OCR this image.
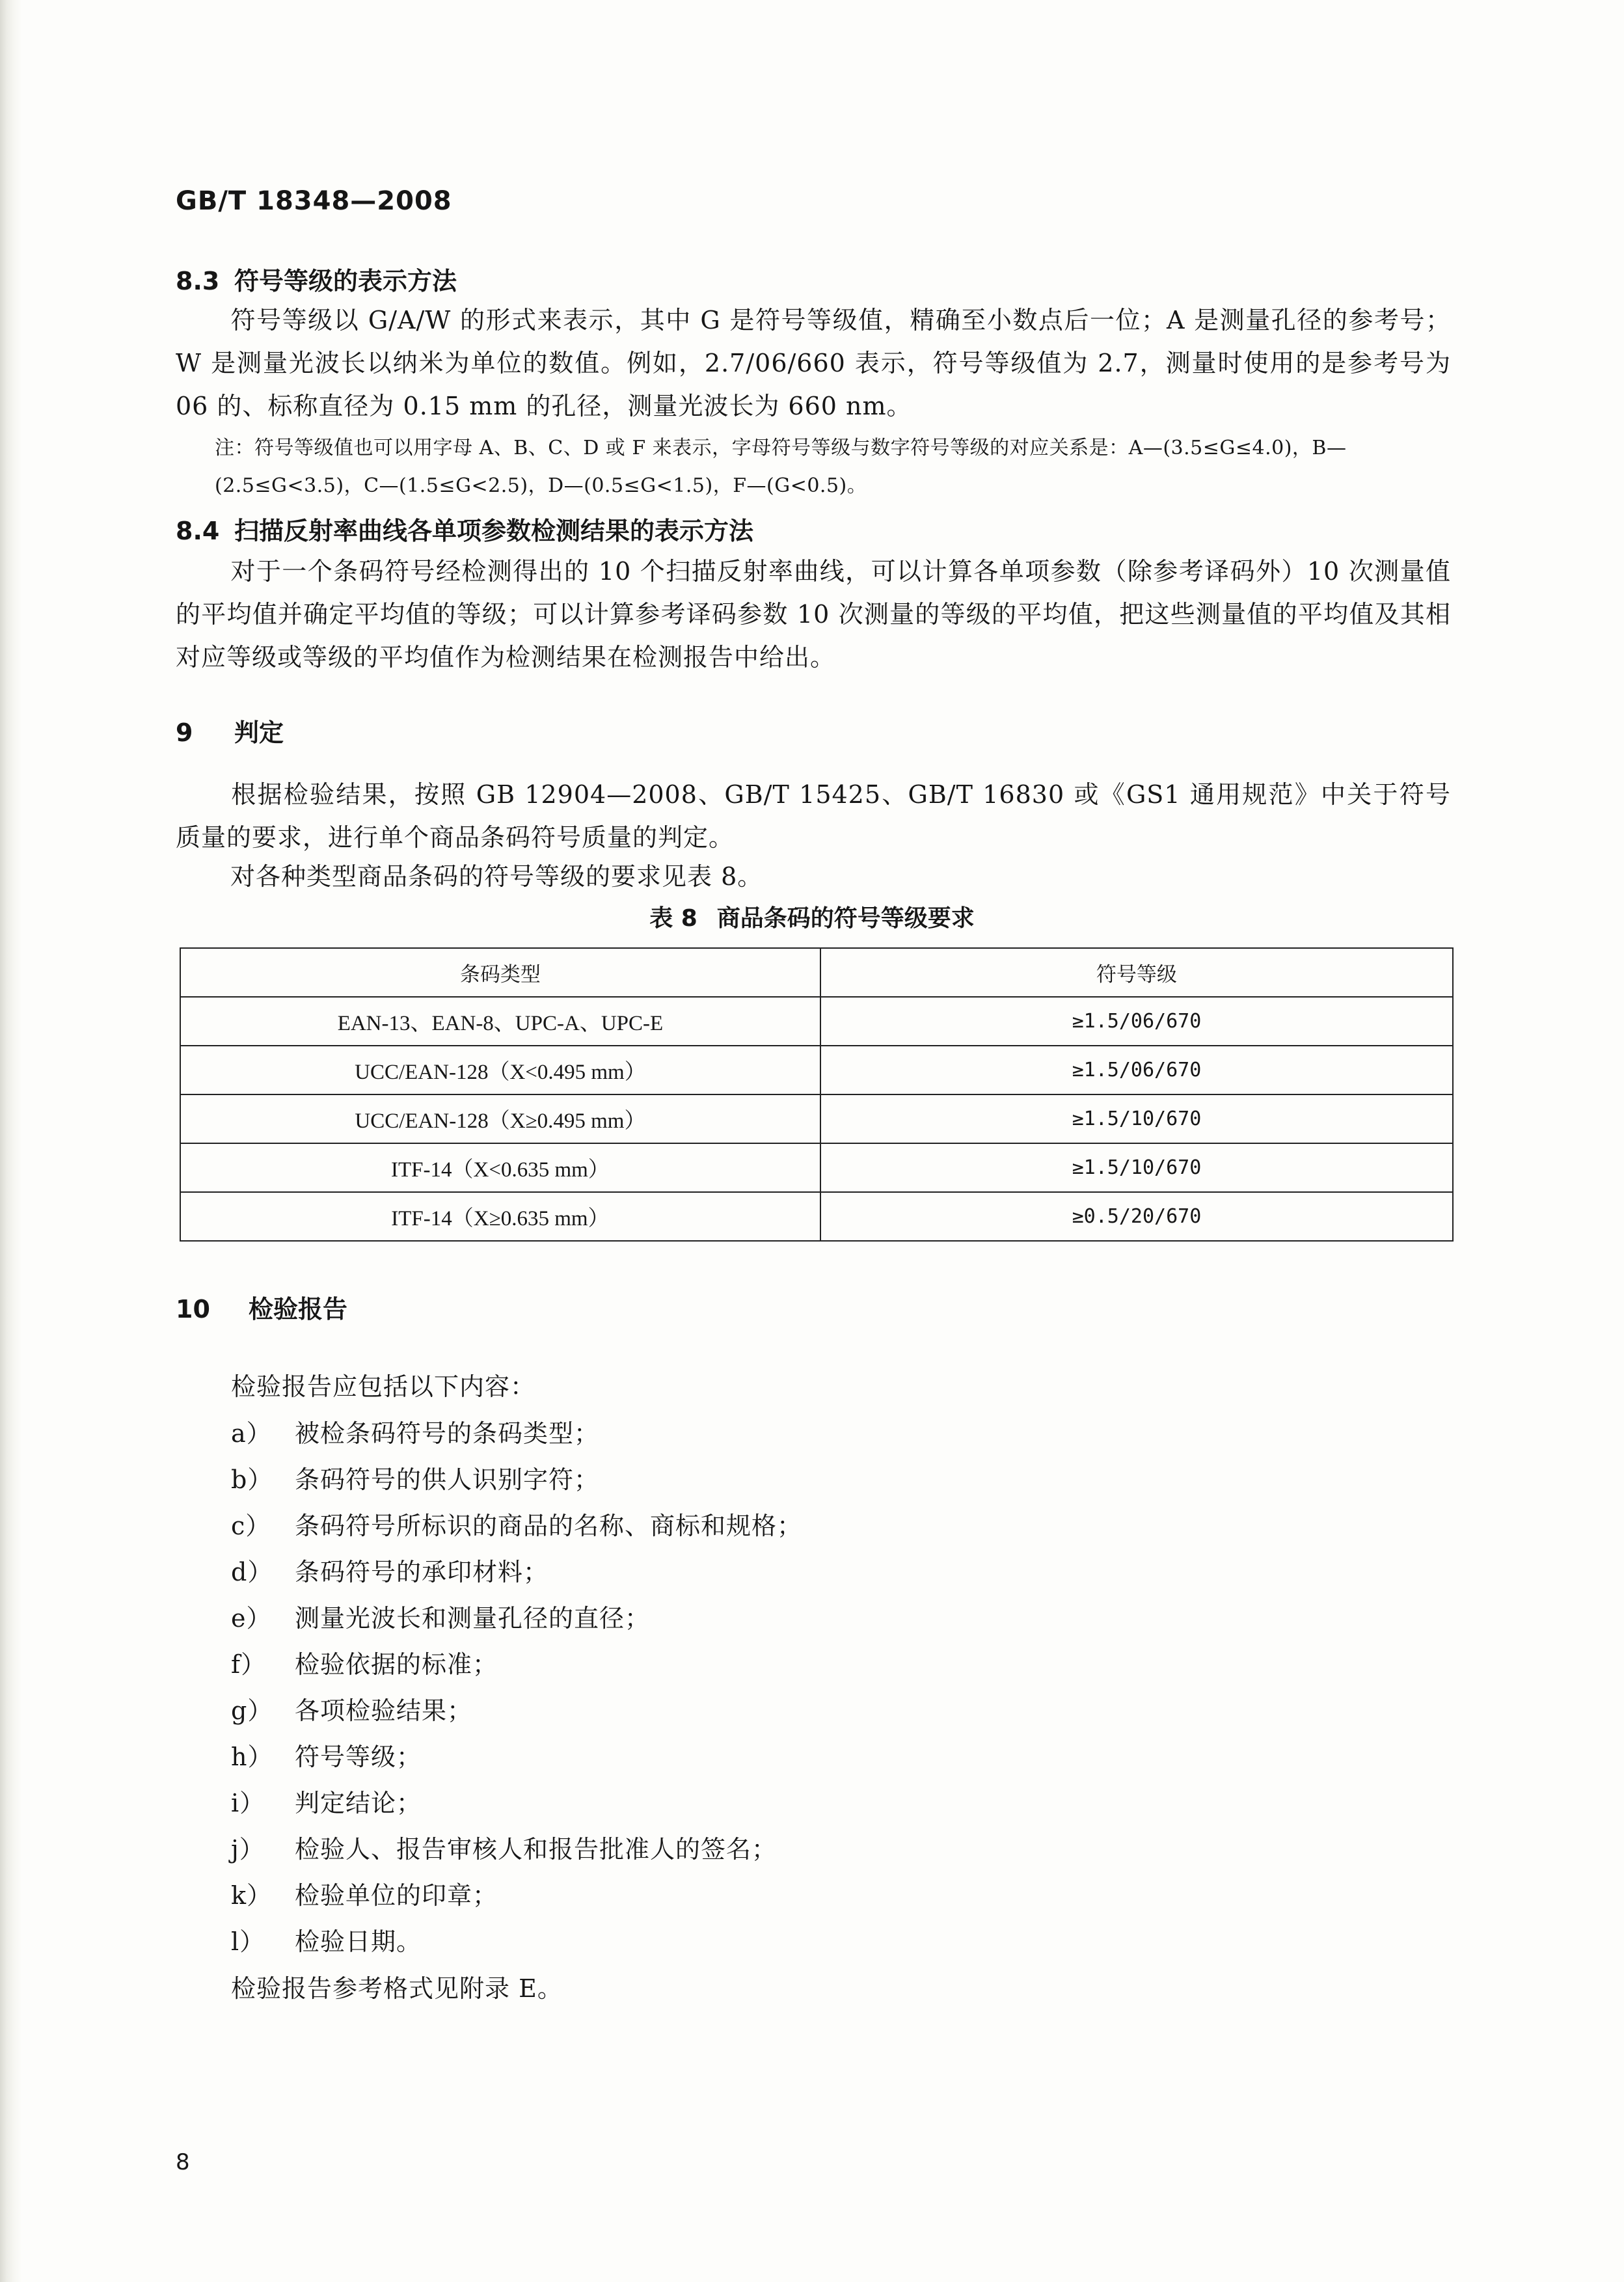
GB/T 18348—2008
8.3 符号等级的表示方法

符号等级以 G/A/W 的形式来表示，其中 G 是符号等级值，精确至小数点后一位；A 是测量孔径的参考号；W 是测量光波长以纳米为单位的数值。例如，2.7/06/660 表示，符号等级值为 2.7，测量时使用的是参考号为 06 的、标称直径为 0.15 mm 的孔径，测量光波长为 660 nm。

注：符号等级值也可以用字母 A、B、C、D 或 F 来表示，字母符号等级与数字符号等级的对应关系是：A—(3.5≤G≤4.0)，B—(2.5≤G<3.5)，C—(1.5≤G<2.5)，D—(0.5≤G<1.5)，F—(G<0.5)。

8.4 扫描反射率曲线各单项参数检测结果的表示方法

对于一个条码符号经检测得出的 10 个扫描反射率曲线，可以计算各单项参数（除参考译码外）10 次测量值的平均值并确定平均值的等级；可以计算参考译码参数 10 次测量的等级的平均值，把这些测量值的平均值及其相对应等级或等级的平均值作为检测结果在检测报告中给出。

9 判定

根据检验结果，按照 GB 12904—2008、GB/T 15425、GB/T 16830 或《GS1 通用规范》中关于符号质量的要求，进行单个商品条码符号质量的判定。

对各种类型商品条码的符号等级的要求见表 8。

表 8 商品条码的符号等级要求
条码类型	符号等级
EAN-13、EAN-8、UPC-A、UPC-E	≥1.5/06/670
UCC/EAN-128（X<0.495 mm）	≥1.5/06/670
UCC/EAN-128（X≥0.495 mm）	≥1.5/10/670
ITF-14（X<0.635 mm）	≥1.5/10/670
ITF-14（X≥0.635 mm）	≥0.5/20/670
10 检验报告
检验报告应包括以下内容：
a） 被检条码符号的条码类型；
b） 条码符号的供人识别字符；
c） 条码符号所标识的商品的名称、商标和规格；
d） 条码符号的承印材料；
e） 测量光波长和测量孔径的直径；
f） 检验依据的标准；
g） 各项检验结果；
h） 符号等级；
i） 判定结论；
j） 检验人、报告审核人和报告批准人的签名；
k） 检验单位的印章；
l） 检验日期。
检验报告参考格式见附录 E。
8
